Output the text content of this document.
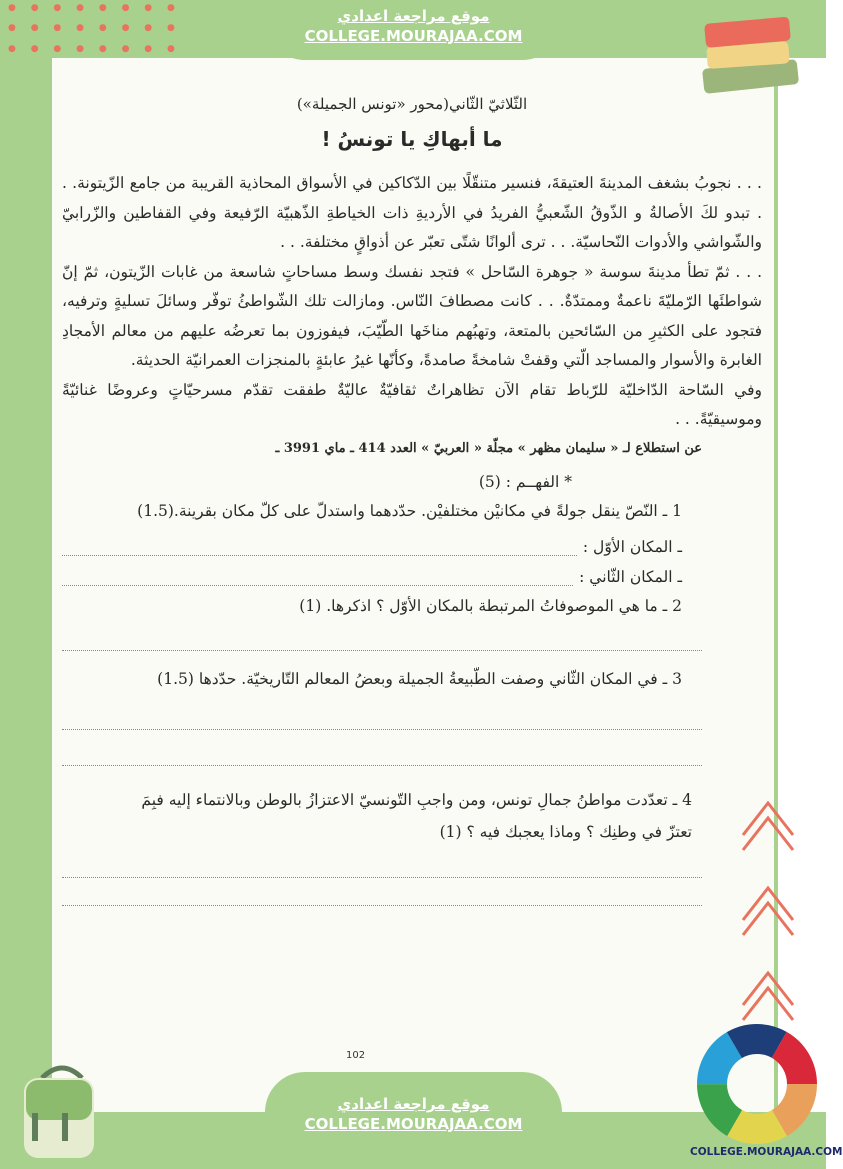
موقع مراجعة اعدادي
COLLEGE.MOURAJAA.COM
● ● ● ● ● ● ● ●
● ● ● ● ● ● ● ●
● ● ● ● ● ● ● ●
الثّلاثيّ الثّاني(محور «تونس الجميلة»)
ما أبهاكِ يا تونسُ !

. . . نجوبُ بشغف المدينةَ العتيقةَ، فنسير متنقّلًا بين الدّكاكين في الأسواق المحاذية القريبة من جامع الزّيتونة. . . تبدو لكَ الأصالةُ و الذّوقُ الشّعبيُّ الفريدُ في الأرديةِ ذات الخياطةِ الذّهبيّة الرّفيعة وفي القفاطين والزّرابيّ والشّواشي والأدوات النّحاسيّة. . . ترى ألوانًا شتّى تعبّر عن أذواقٍ مختلفة. . .

. . . ثمّ تطأ مدينةَ سوسة « جوهرة السّاحل » فتجد نفسك وسط مساحاتٍ شاسعة من غابات الزّيتون، ثمّ إنّ شواطئَها الرّمليّةَ ناعمةٌ وممتدّةٌ. . . كانت مصطافَ النّاس. ومازالت تلك الشّواطئُ توفّر وسائلَ تسليةٍ وترفيه، فتجود على الكثيرِ من السّائحين بالمتعة، وتهبُهم مناخَها الطّيّبَ، فيفوزون بما تعرضُه عليهم من معالم الأمجادِ الغابرة والأسوار والمساجد الّتي وقفتْ شامخةً صامدةً، وكأنّها غيرُ عابئةٍ بالمنجزات العمرانيّة الحديثة.

وفي السّاحة الدّاخليّة للرّباط تقام الآن تظاهراتٌ ثقافيّةٌ عاليّةٌ طفقت تقدّم مسرحيّاتٍ وعروضًا غنائيّةً وموسيقيّةً. . .

عن استطلاع لـ « سليمان مظهر » مجلّة « العربيّ » العدد 414 ـ ماي 3991 ـ
* الفهــم : (5)
1 ـ النّصّ ينقل جولةً في مكانيْن مختلفيْن. حدّدهما واستدلّ على كلّ مكان بقرينة.(1.5)
ـ المكان الأوّل :
ـ المكان الثّاني :
2 ـ ما هي الموصوفاتُ المرتبطة بالمكان الأوّل ؟ اذكرها. (1)
3 ـ في المكان الثّاني وصفت الطّبيعةُ الجميلة وبعضُ المعالم التّاريخيّة. حدّدها (1.5)
4 ـ تعدّدت مواطنُ جمالِ تونس، ومن واجبِ التّونسيّ الاعتزازُ بالوطن وبالانتماء إليه فبِمَ تعتزّ في وطنِك ؟ وماذا يعجبك فيه ؟ (1)
102
موقع مراجعة اعدادي
COLLEGE.MOURAJAA.COM
COLLEGE.MOURAJAA.COM
